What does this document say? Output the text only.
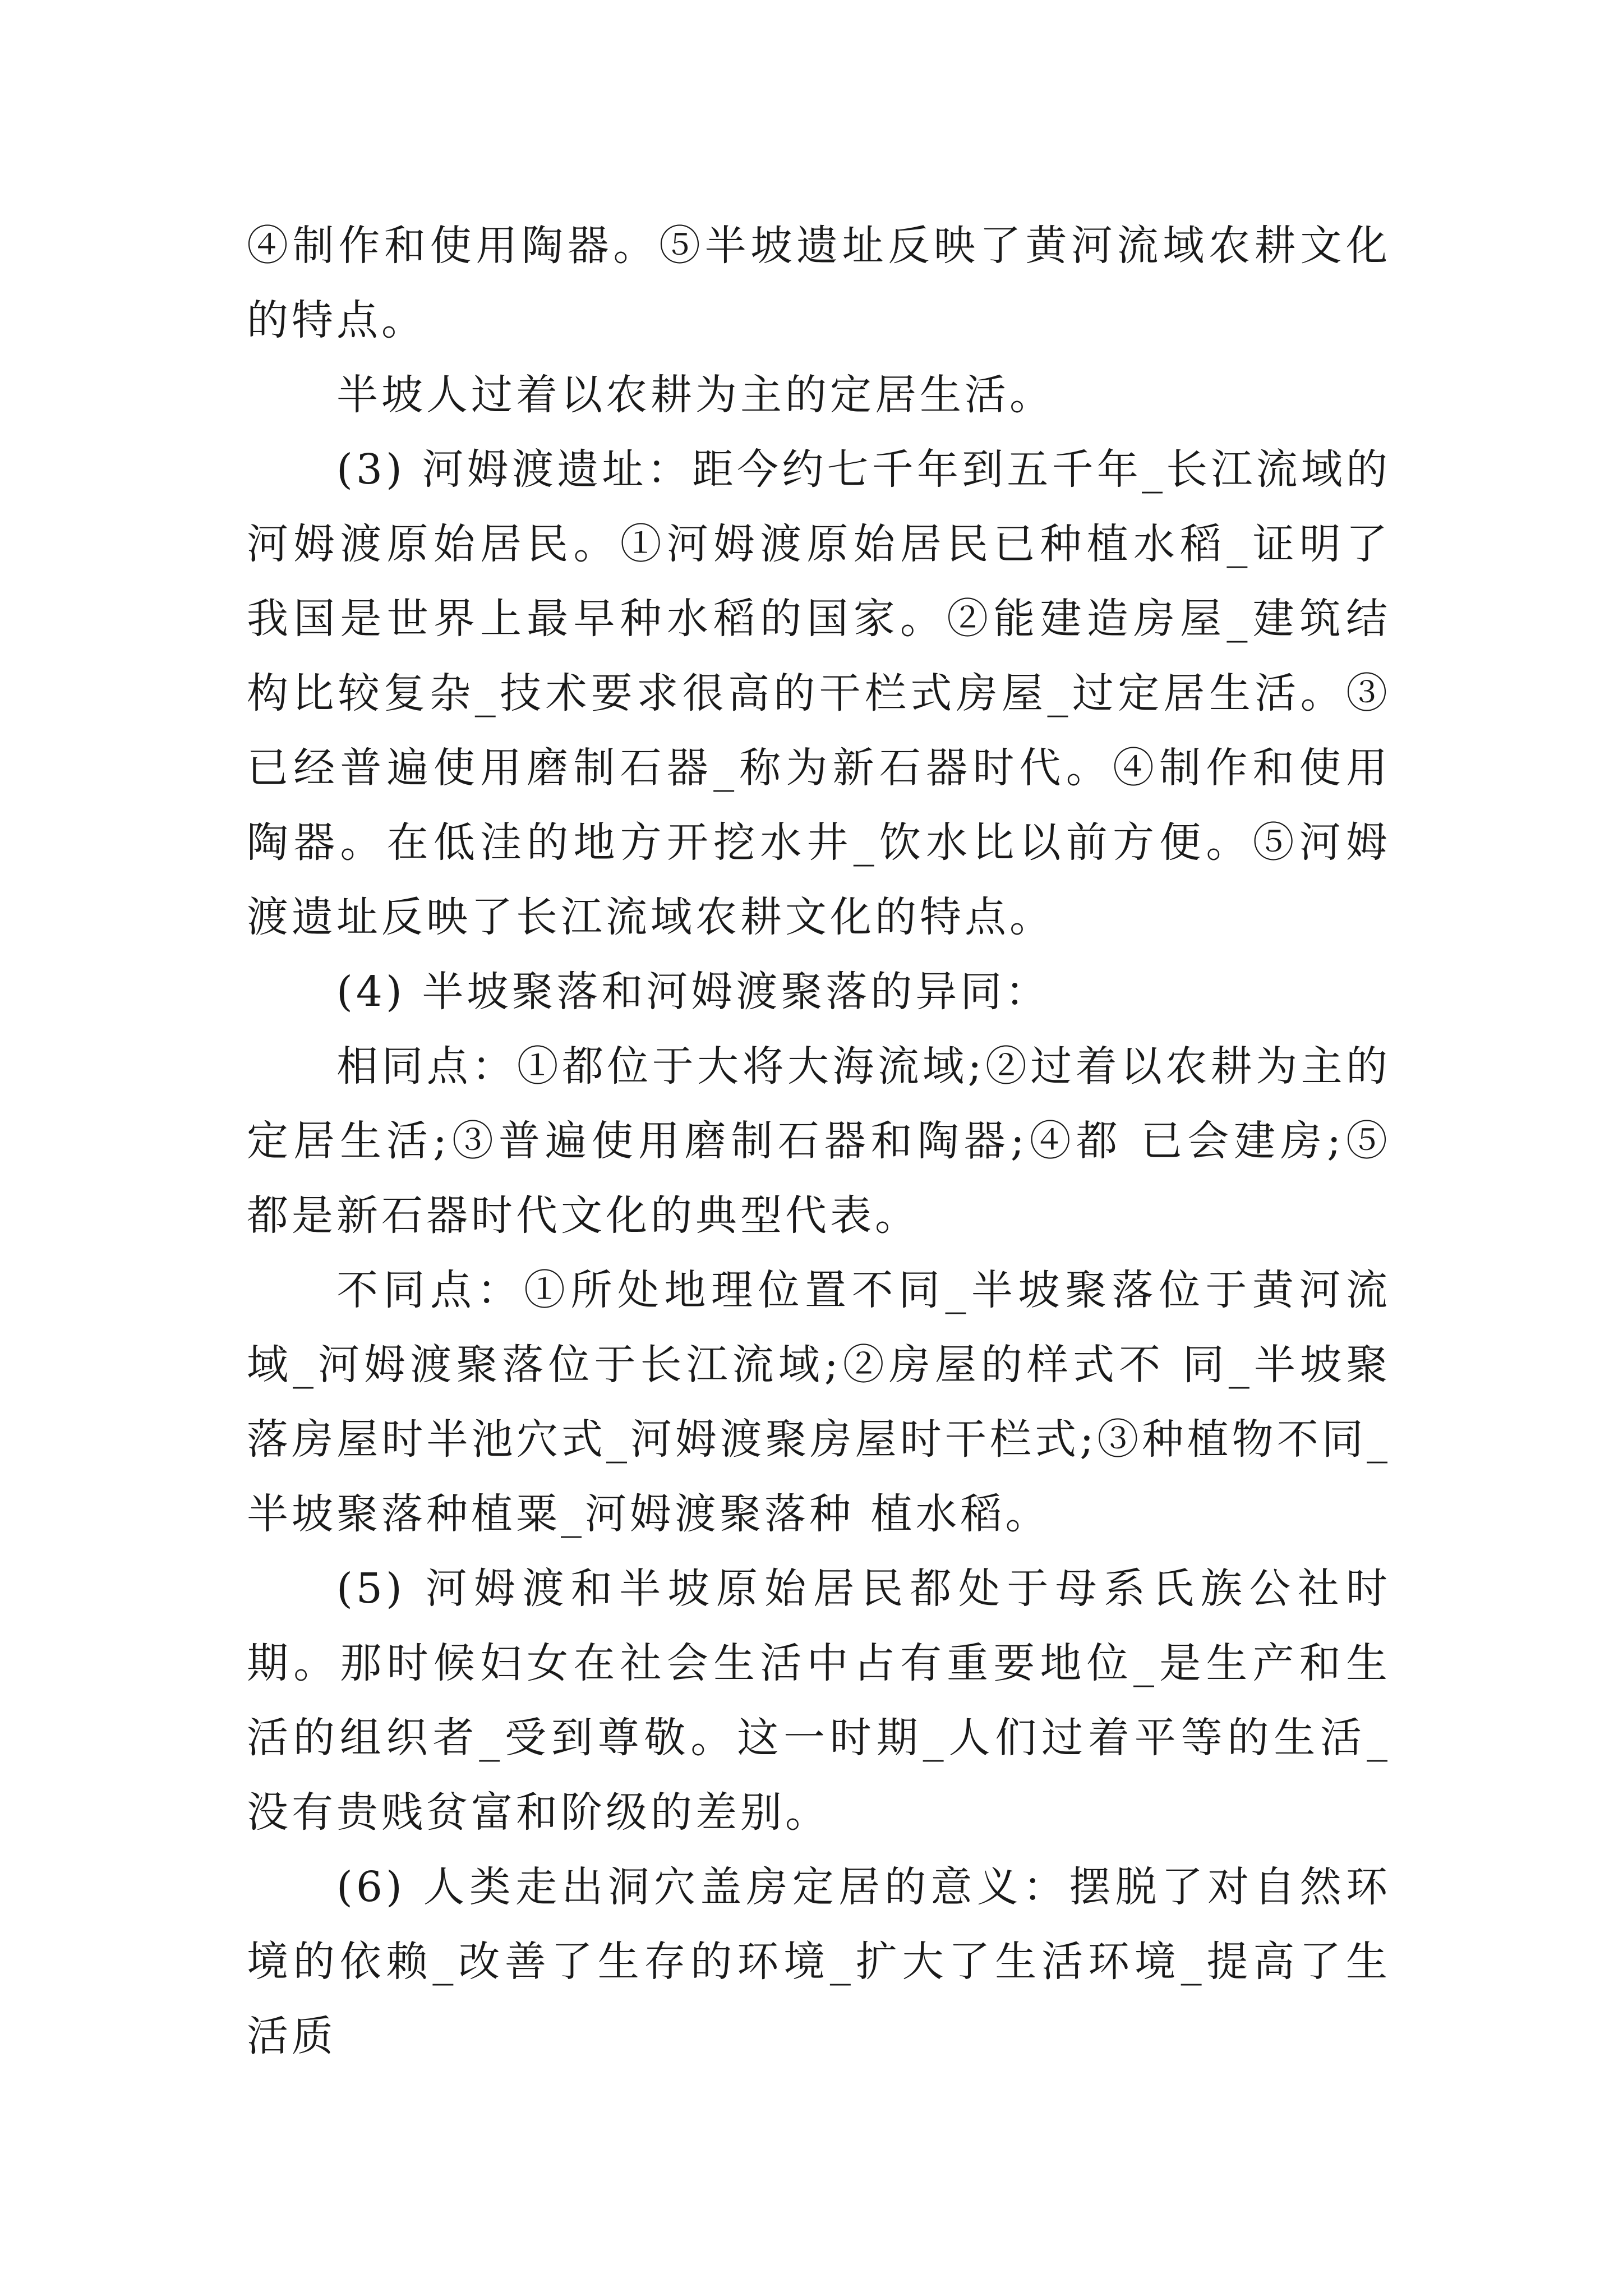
④制作和使用陶器。⑤半坡遗址反映了黄河流域农耕文化的特点。

半坡人过着以农耕为主的定居生活。

(3) 河姆渡遗址：距今约七千年到五千年_长江流域的河姆渡原始居民。①河姆渡原始居民已种植水稻_证明了我国是世界上最早种水稻的国家。②能建造房屋_建筑结构比较复杂_技术要求很高的干栏式房屋_过定居生活。③已经普遍使用磨制石器_称为新石器时代。④制作和使用陶器。在低洼的地方开挖水井_饮水比以前方便。⑤河姆渡遗址反映了长江流域农耕文化的特点。

(4) 半坡聚落和河姆渡聚落的异同：

相同点：①都位于大将大海流域;②过着以农耕为主的定居生活;③普遍使用磨制石器和陶器;④都 已会建房;⑤都是新石器时代文化的典型代表。

不同点：①所处地理位置不同_半坡聚落位于黄河流域_河姆渡聚落位于长江流域;②房屋的样式不 同_半坡聚落房屋时半池穴式_河姆渡聚房屋时干栏式;③种植物不同_半坡聚落种植粟_河姆渡聚落种 植水稻。

(5) 河姆渡和半坡原始居民都处于母系氏族公社时期。那时候妇女在社会生活中占有重要地位_是生产和生活的组织者_受到尊敬。这一时期_人们过着平等的生活_没有贵贱贫富和阶级的差别。

(6) 人类走出洞穴盖房定居的意义：摆脱了对自然环境的依赖_改善了生存的环境_扩大了生活环境_提高了生活质
